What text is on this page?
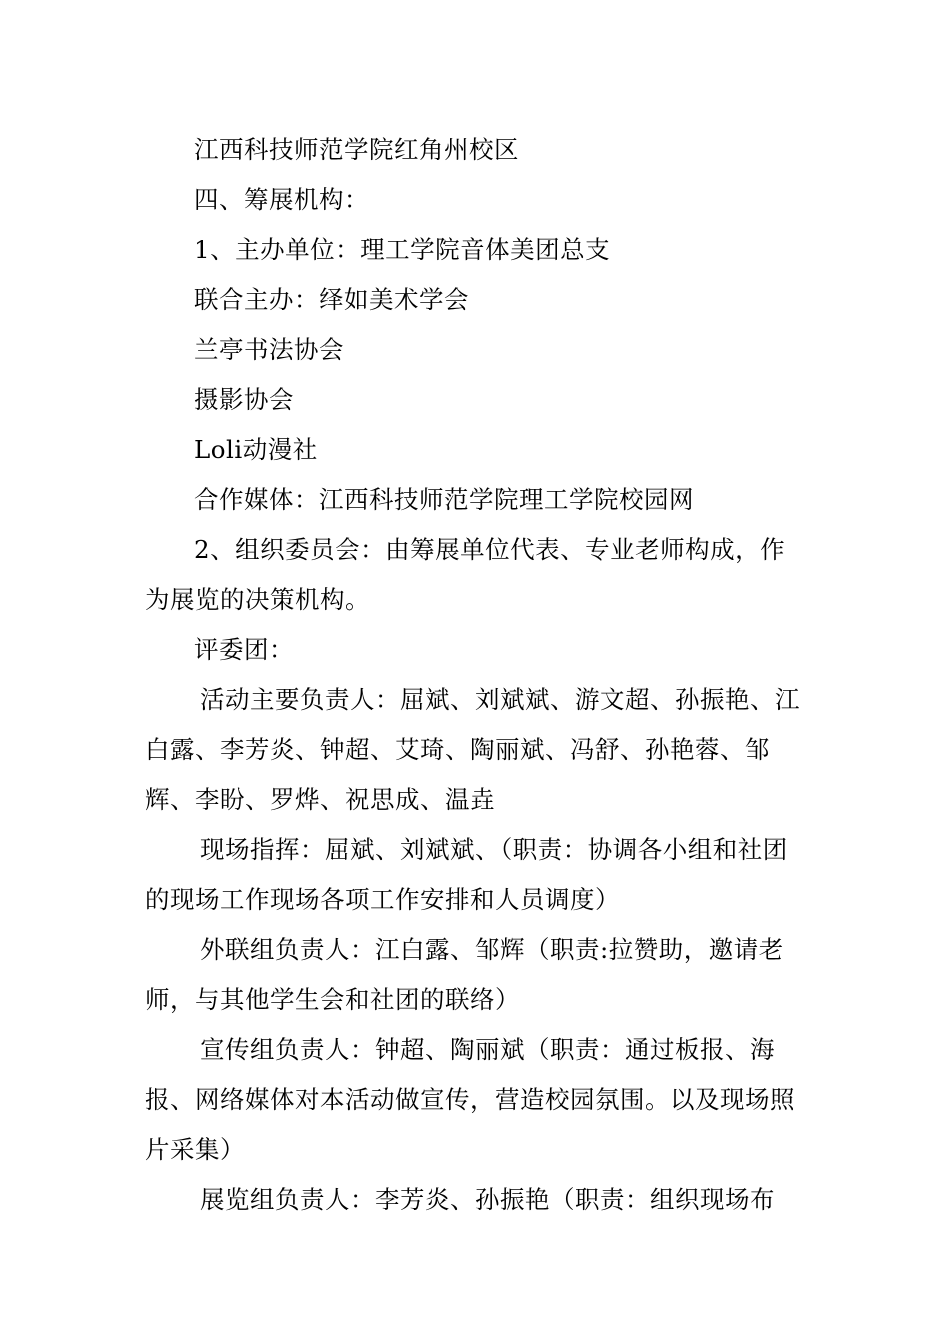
江西科技师范学院红角州校区

四、筹展机构：

1、主办单位：理工学院音体美团总支

联合主办：绎如美术学会

兰亭书法协会

摄影协会

Loli动漫社

合作媒体：江西科技师范学院理工学院校园网

2、组织委员会：由筹展单位代表、专业老师构成，作为展览的决策机构。

评委团：

活动主要负责人：屈斌、刘斌斌、游文超、孙振艳、江白露、李芳炎、钟超、艾琦、陶丽斌、冯舒、孙艳蓉、邹辉、李盼、罗烨、祝思成、温垚

现场指挥：屈斌、刘斌斌、（职责：协调各小组和社团的现场工作现场各项工作安排和人员调度）

外联组负责人：江白露、邹辉（职责:拉赞助，邀请老师，与其他学生会和社团的联络）

宣传组负责人：钟超、陶丽斌（职责：通过板报、海报、网络媒体对本活动做宣传，营造校园氛围。以及现场照片采集）

展览组负责人：李芳炎、孙振艳（职责：组织现场布
